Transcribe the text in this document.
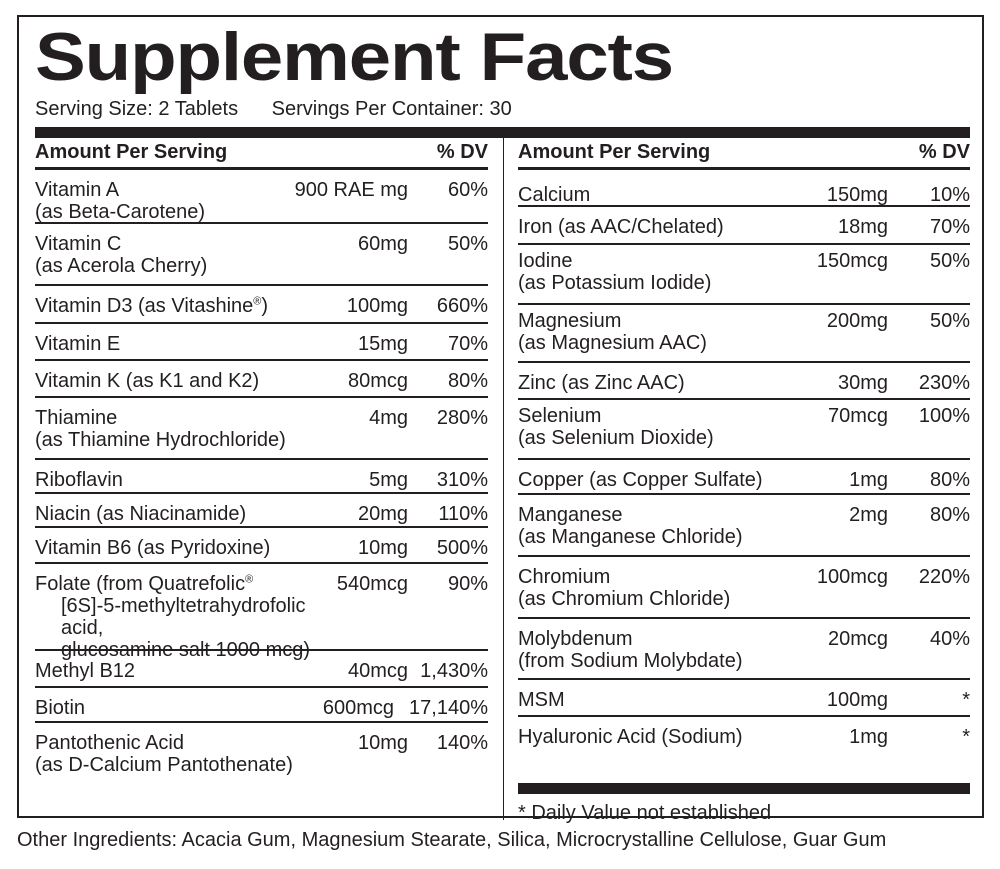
Supplement Facts
Serving Size: 2 Tablets Servings Per Container: 30
Amount Per Serving	% DV
Vitamin A
(as Beta-Carotene)
900 RAE mg	60%
Vitamin C
(as Acerola Cherry)
60mg	50%
Vitamin D3 (as Vitashine®)	100mg	660%
Vitamin E	15mg	70%
Vitamin K (as K1 and K2)	80mcg	80%
Thiamine
(as Thiamine Hydrochloride)
4mg	280%
Riboflavin	5mg	310%
Niacin (as Niacinamide)	20mg	110%
Vitamin B6 (as Pyridoxine)	10mg	500%
Folate (from Quatrefolic®
[6S]-5-methyltetrahydrofolic acid,
glucosamine salt 1000 mcg)
540mcg	90%
Methyl B12	40mcg 1,430%
Biotin	600mcg 17,140%
Pantothenic Acid
(as D-Calcium Pantothenate)
10mg	140%
Amount Per Serving	% DV
Calcium	150mg	10%
Iron (as AAC/Chelated)	18mg	70%
Iodine
(as Potassium Iodide)
150mcg	50%
Magnesium
(as Magnesium AAC)
200mg	50%
Zinc (as Zinc AAC)	30mg	230%
Selenium
(as Selenium Dioxide)
70mcg	100%
Copper (as Copper Sulfate)	1mg	80%
Manganese
(as Manganese Chloride)
2mg	80%
Chromium
(as Chromium Chloride)
100mcg	220%
Molybdenum
(from Sodium Molybdate)
20mcg	40%
MSM	100mg	*
Hyaluronic Acid (Sodium)	1mg	*
* Daily Value not established
Other Ingredients: Acacia Gum, Magnesium Stearate, Silica, Microcrystalline Cellulose, Guar Gum
